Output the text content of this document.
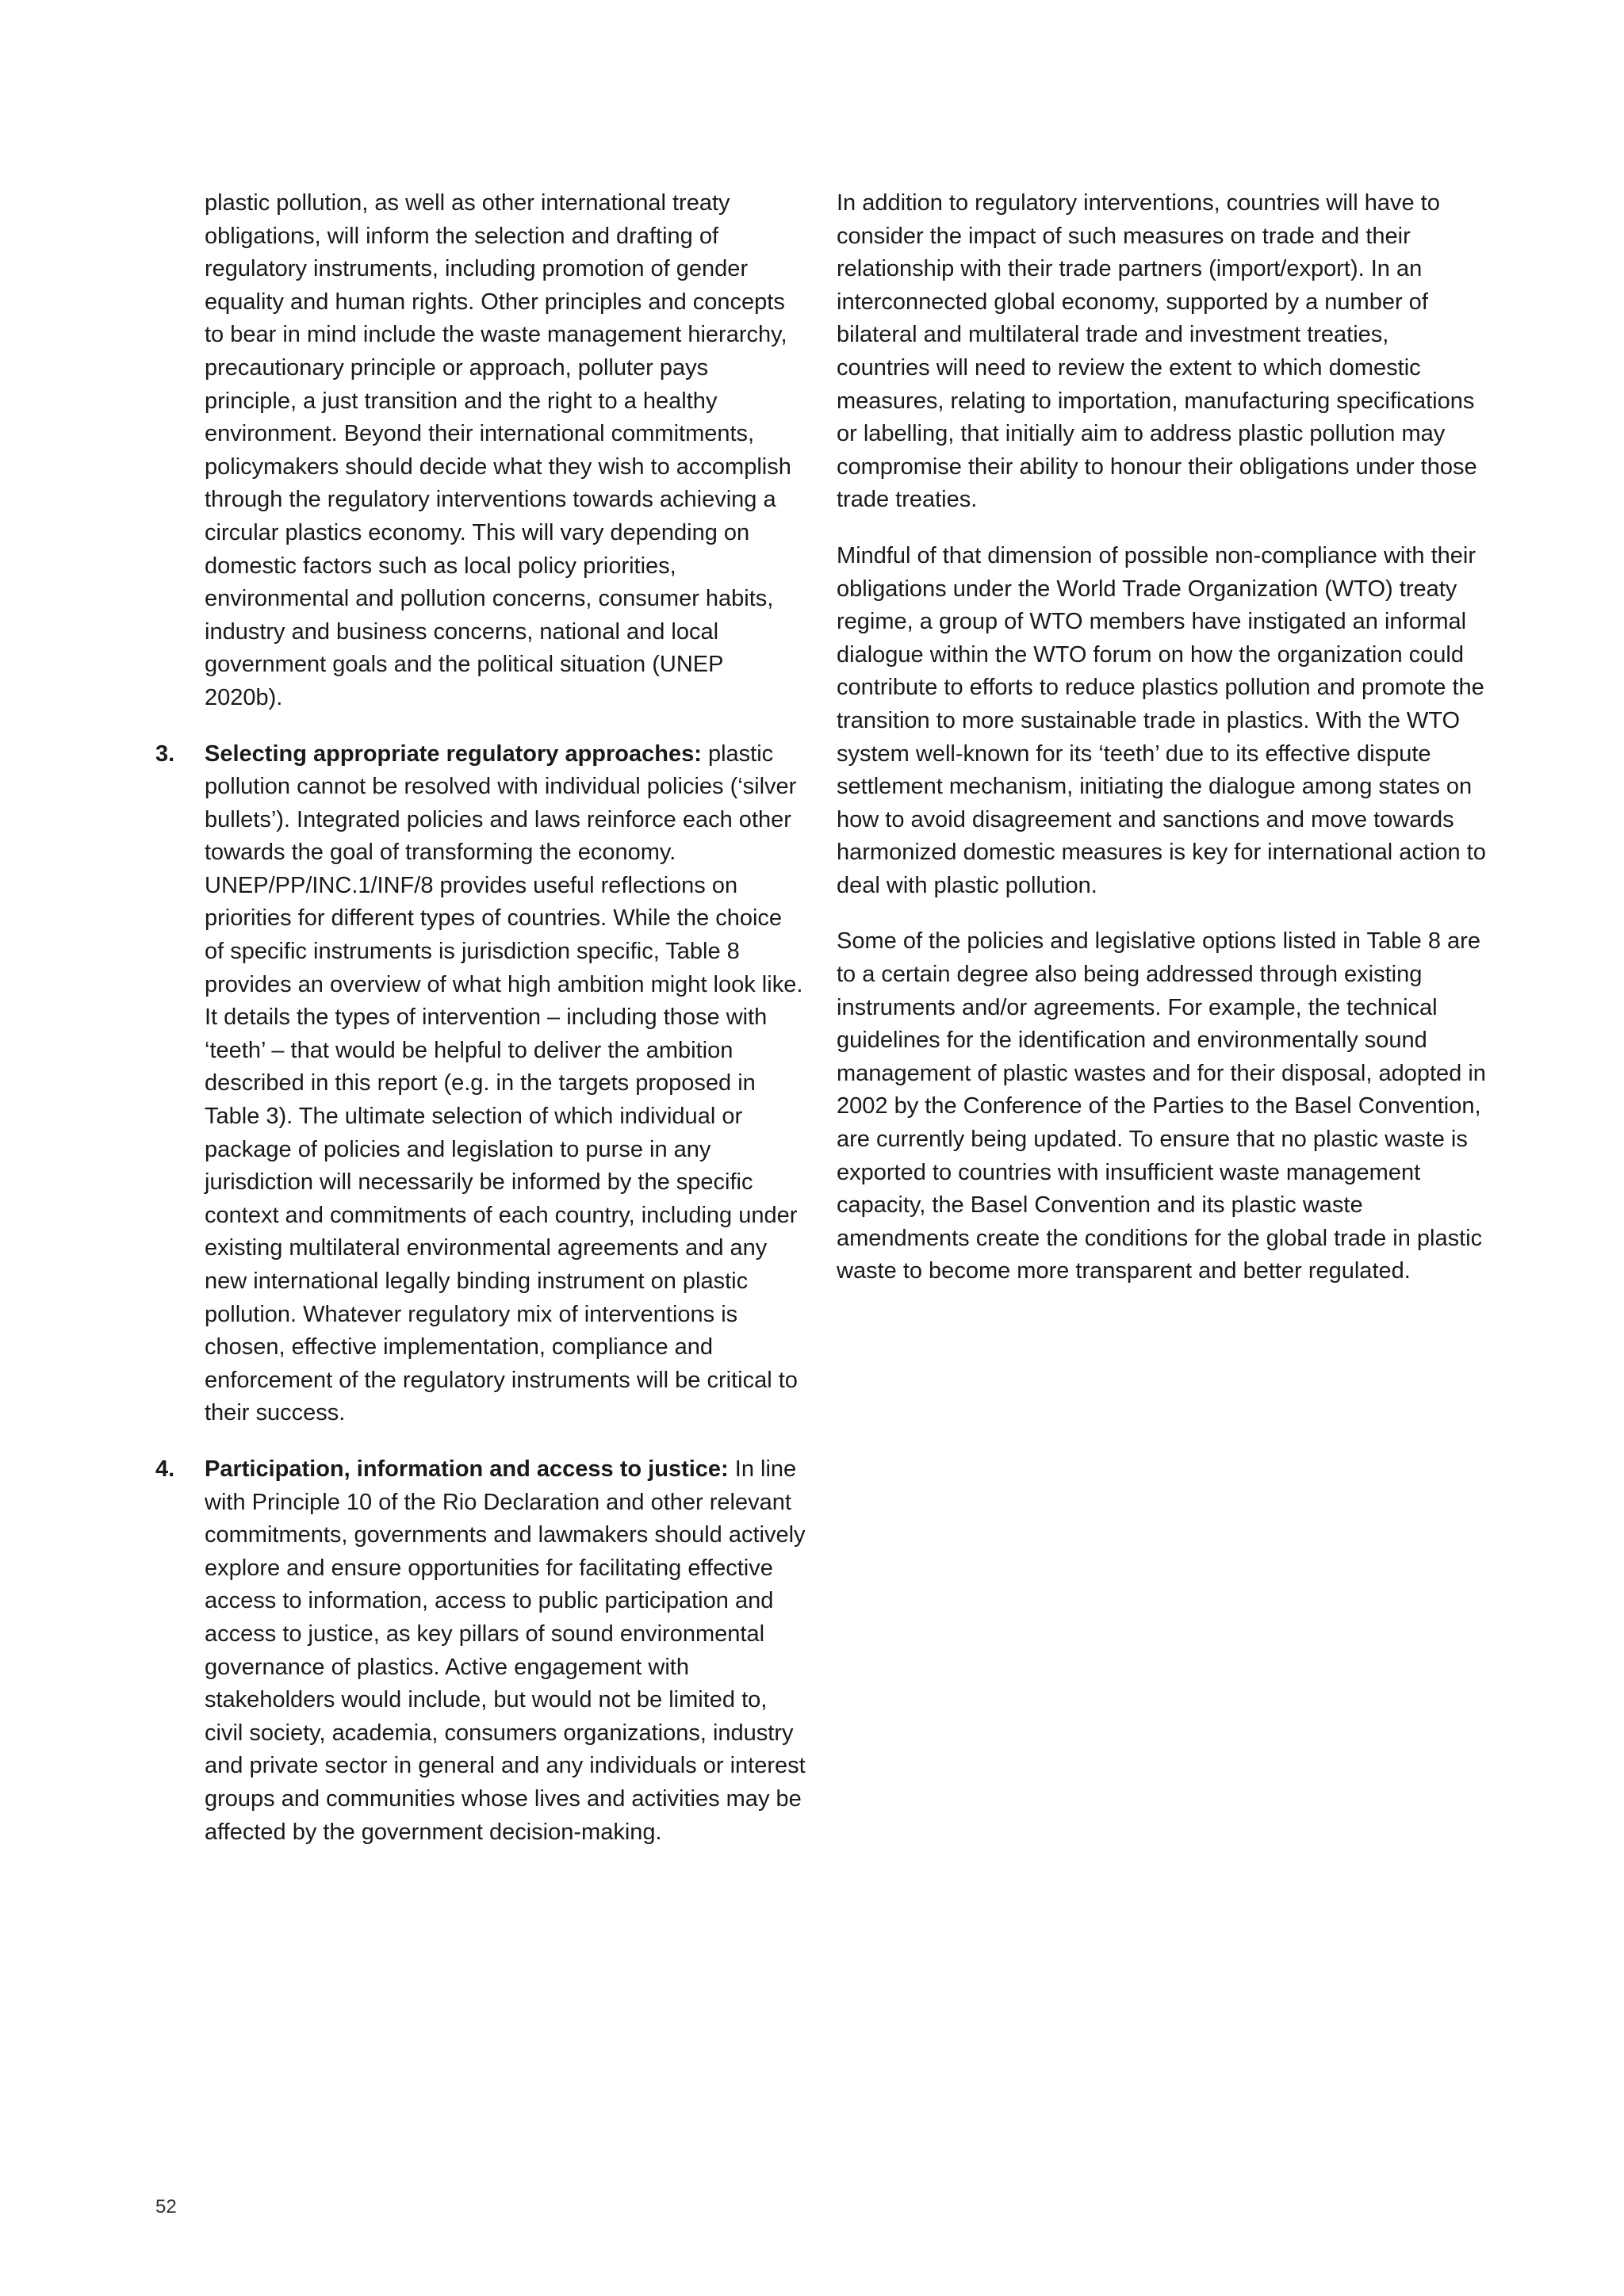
plastic pollution, as well as other international treaty obligations, will inform the selection and drafting of regulatory instruments, including promotion of gender equality and human rights. Other principles and concepts to bear in mind include the waste management hierarchy, precautionary principle or approach, polluter pays principle, a just transition and the right to a healthy environment. Beyond their international commitments, policymakers should decide what they wish to accomplish through the regulatory interventions towards achieving a circular plastics economy. This will vary depending on domestic factors such as local policy priorities, environmental and pollution concerns, consumer habits, industry and business concerns, national and local government goals and the political situation (UNEP 2020b).

3. Selecting appropriate regulatory approaches: plastic pollution cannot be resolved with individual policies (‘silver bullets’). Integrated policies and laws reinforce each other towards the goal of transforming the economy. UNEP/PP/INC.1/INF/8 provides useful reflections on priorities for different types of countries. While the choice of specific instruments is jurisdiction specific, Table 8 provides an overview of what high ambition might look like. It details the types of intervention – including those with ‘teeth’ – that would be helpful to deliver the ambition described in this report (e.g. in the targets proposed in Table 3). The ultimate selection of which individual or package of policies and legislation to purse in any jurisdiction will necessarily be informed by the specific context and commitments of each country, including under existing multilateral environmental agreements and any new international legally binding instrument on plastic pollution. Whatever regulatory mix of interventions is chosen, effective implementation, compliance and enforcement of the regulatory instruments will be critical to their success.
4. Participation, information and access to justice: In line with Principle 10 of the Rio Declaration and other relevant commitments, governments and lawmakers should actively explore and ensure opportunities for facilitating effective access to information, access to public participation and access to justice, as key pillars of sound environmental governance of plastics. Active engagement with stakeholders would include, but would not be limited to, civil society, academia, consumers organizations, industry and private sector in general and any individuals or interest groups and communities whose lives and activities may be affected by the government decision-making.

In addition to regulatory interventions, countries will have to consider the impact of such measures on trade and their relationship with their trade partners (import/export). In an interconnected global economy, supported by a number of bilateral and multilateral trade and investment treaties, countries will need to review the extent to which domestic measures, relating to importation, manufacturing specifications or labelling, that initially aim to address plastic pollution may compromise their ability to honour their obligations under those trade treaties.

Mindful of that dimension of possible non-compliance with their obligations under the World Trade Organization (WTO) treaty regime, a group of WTO members have instigated an informal dialogue within the WTO forum on how the organization could contribute to efforts to reduce plastics pollution and promote the transition to more sustainable trade in plastics. With the WTO system well-known for its ‘teeth’ due to its effective dispute settlement mechanism, initiating the dialogue among states on how to avoid disagreement and sanctions and move towards harmonized domestic measures is key for international action to deal with plastic pollution.

Some of the policies and legislative options listed in Table 8 are to a certain degree also being addressed through existing instruments and/or agreements. For example, the technical guidelines for the identification and environmentally sound management of plastic wastes and for their disposal, adopted in 2002 by the Conference of the Parties to the Basel Convention, are currently being updated. To ensure that no plastic waste is exported to countries with insufficient waste management capacity, the Basel Convention and its plastic waste amendments create the conditions for the global trade in plastic waste to become more transparent and better regulated.

52
